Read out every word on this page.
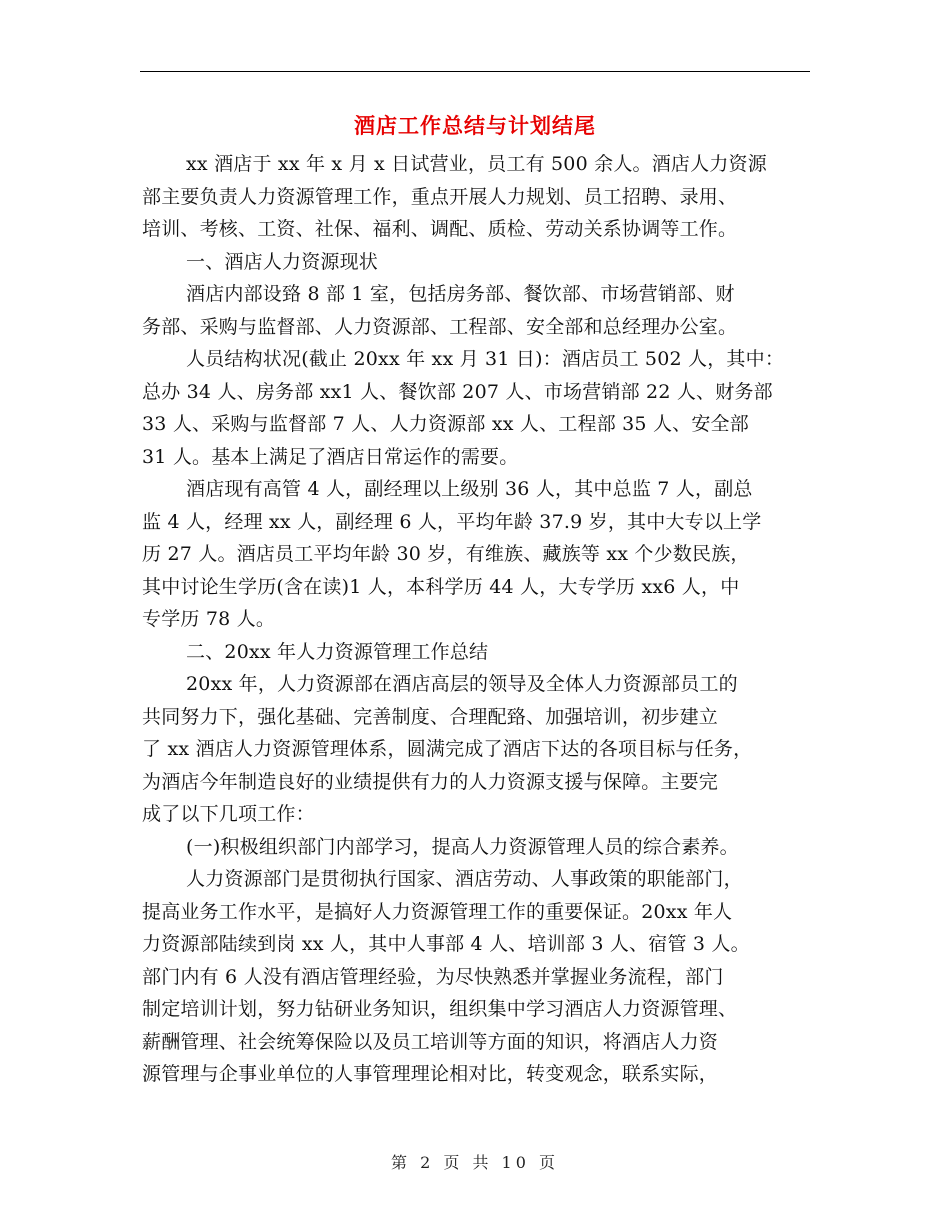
酒店工作总结与计划结尾
xx 酒店于 xx 年 x 月 x 日试营业，员工有 500 余人。酒店人力资源
部主要负责人力资源管理工作，重点开展人力规划、员工招聘、录用、
培训、考核、工资、社保、福利、调配、质检、劳动关系协调等工作。
一、酒店人力资源现状
酒店内部设臵 8 部 1 室，包括房务部、餐饮部、市场营销部、财
务部、采购与监督部、人力资源部、工程部、安全部和总经理办公室。
人员结构状况(截止 20xx 年 xx 月 31 日)：酒店员工 502 人，其中：
总办 34 人、房务部 xx1 人、餐饮部 207 人、市场营销部 22 人、财务部
33 人、采购与监督部 7 人、人力资源部 xx 人、工程部 35 人、安全部
31 人。基本上满足了酒店日常运作的需要。
酒店现有高管 4 人，副经理以上级别 36 人，其中总监 7 人，副总
监 4 人，经理 xx 人，副经理 6 人，平均年龄 37.9 岁，其中大专以上学
历 27 人。酒店员工平均年龄 30 岁，有维族、藏族等 xx 个少数民族，
其中讨论生学历(含在读)1 人，本科学历 44 人，大专学历 xx6 人，中
专学历 78 人。
二、20xx 年人力资源管理工作总结
20xx 年，人力资源部在酒店高层的领导及全体人力资源部员工的
共同努力下，强化基础、完善制度、合理配臵、加强培训，初步建立
了 xx 酒店人力资源管理体系，圆满完成了酒店下达的各项目标与任务，
为酒店今年制造良好的业绩提供有力的人力资源支援与保障。主要完
成了以下几项工作：
(一)积极组织部门内部学习，提高人力资源管理人员的综合素养。
人力资源部门是贯彻执行国家、酒店劳动、人事政策的职能部门，
提高业务工作水平，是搞好人力资源管理工作的重要保证。20xx 年人
力资源部陆续到岗 xx 人，其中人事部 4 人、培训部 3 人、宿管 3 人。
部门内有 6 人没有酒店管理经验，为尽快熟悉并掌握业务流程，部门
制定培训计划，努力钻研业务知识，组织集中学习酒店人力资源管理、
薪酬管理、社会统筹保险以及员工培训等方面的知识，将酒店人力资
源管理与企事业单位的人事管理理论相对比，转变观念，联系实际，
第 2 页 共 10 页
